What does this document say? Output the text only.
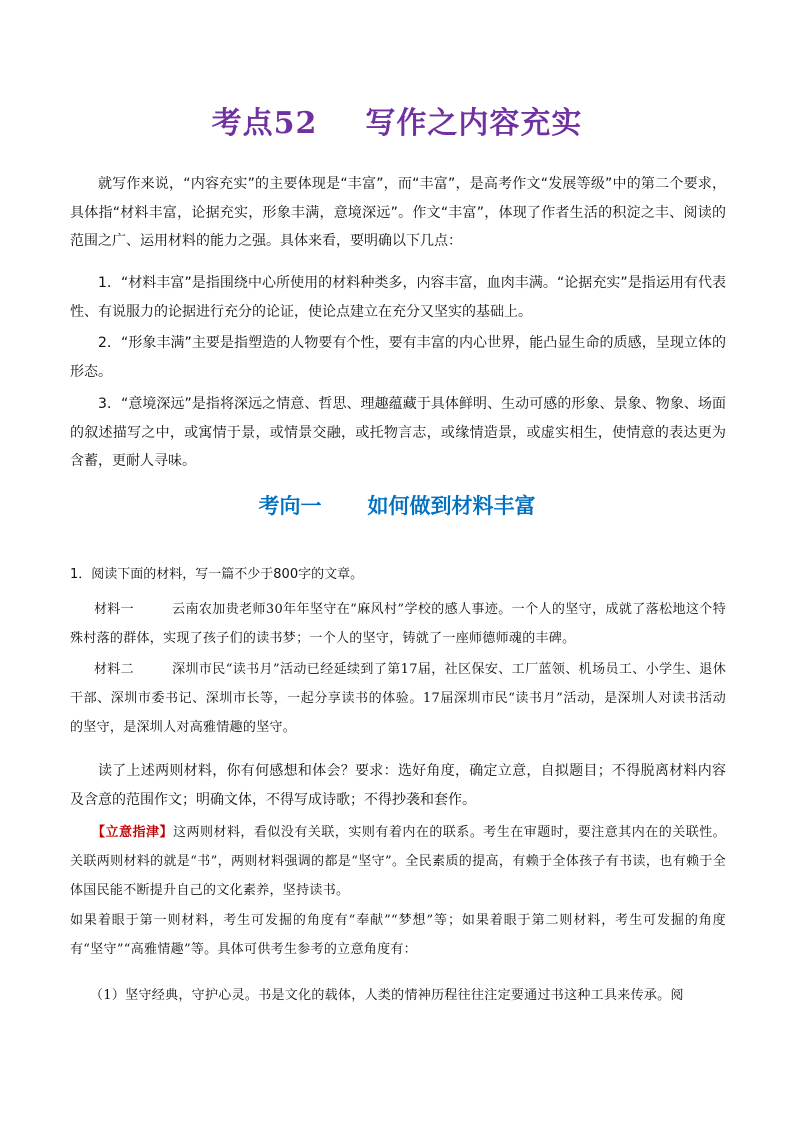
考点52 写作之内容充实

就写作来说，“内容充实”的主要体现是“丰富”，而“丰富”，是高考作文“发展等级”中的第二个要求，具体指“材料丰富，论据充实，形象丰满，意境深远”。作文“丰富”，体现了作者生活的积淀之丰、阅读的范围之广、运用材料的能力之强。具体来看，要明确以下几点：

1．“材料丰富”是指围绕中心所使用的材料种类多，内容丰富，血肉丰满。“论据充实”是指运用有代表性、有说服力的论据进行充分的论证，使论点建立在充分又坚实的基础上。

2．“形象丰满”主要是指塑造的人物要有个性，要有丰富的内心世界，能凸显生命的质感，呈现立体的形态。

3．“意境深远”是指将深远之情意、哲思、理趣蕴藏于具体鲜明、生动可感的形象、景象、物象、场面的叙述描写之中，或寓情于景，或情景交融，或托物言志，或缘情造景，或虚实相生，使情意的表达更为含蓄，更耐人寻味。

考向一 如何做到材料丰富

1．阅读下面的材料，写一篇不少于800字的文章。

材料一	云南农加贵老师30年年坚守在“麻风村”学校的感人事迹。一个人的坚守，成就了落松地这个特殊村落的群体，实现了孩子们的读书梦；一个人的坚守，铸就了一座师德师魂的丰碑。

材料二	深圳市民“读书月”活动已经延续到了第17届，社区保安、工厂蓝领、机场员工、小学生、退休干部、深圳市委书记、深圳市长等，一起分享读书的体验。17届深圳市民“读书月”活动，是深圳人对读书活动的坚守，是深圳人对高雅情趣的坚守。

读了上述两则材料，你有何感想和体会？要求：选好角度，确定立意，自拟题目；不得脱离材料内容及含意的范围作文；明确文体，不得写成诗歌；不得抄袭和套作。

【立意指津】这两则材料，看似没有关联，实则有着内在的联系。考生在审题时，要注意其内在的关联性。关联两则材料的就是“书”，两则材料强调的都是“坚守”。全民素质的提高，有赖于全体孩子有书读，也有赖于全体国民能不断提升自己的文化素养，坚持读书。

如果着眼于第一则材料，考生可发掘的角度有“奉献”“梦想”等；如果着眼于第二则材料，考生可发掘的角度有“坚守”“高雅情趣”等。具体可供考生参考的立意角度有：

（1）坚守经典，守护心灵。书是文化的载体，人类的情神历程往往注定要通过书这种工具来传承。阅
